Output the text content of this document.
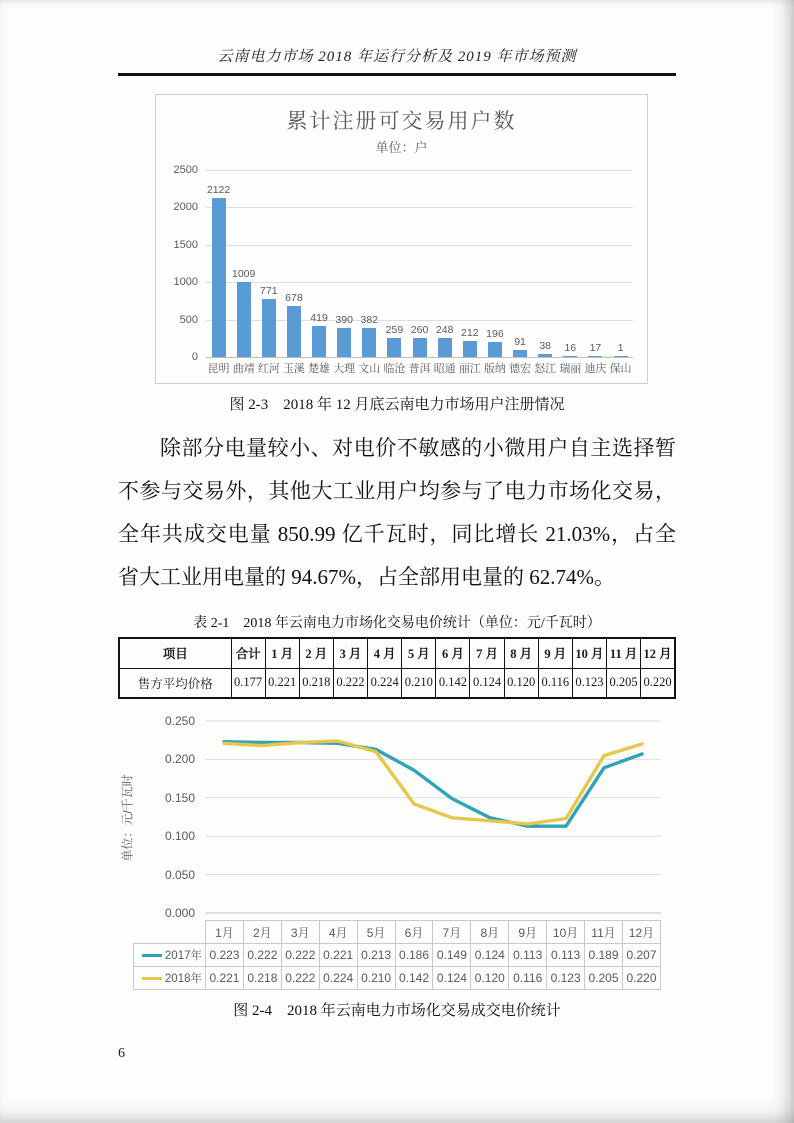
云南电力市场 2018 年运行分析及 2019 年市场预测
累计注册可交易用户数
单位：户
2500
2000
1500
1000
500
0
2122
1009
771
678
419 390 382
259 260 248 212 196
91 38 16 17 1
昆明 曲靖 红河 玉溪 楚雄 大理 文山 临沧 普洱 昭通 丽江 版纳 德宏 怒江 瑞丽 迪庆 保山
图 2-3　2018 年 12 月底云南电力市场用户注册情况
除部分电量较小、对电价不敏感的小微用户自主选择暂
不参与交易外，其他大工业用户均参与了电力市场化交易，
全年共成交电量 850.99 亿千瓦时，同比增长 21.03%，占全
省大工业用电量的 94.67%，占全部用电量的 62.74%。
表 2-1　2018 年云南电力市场化交易电价统计（单位：元/千瓦时）
项目	合计	1 月	2 月	3 月	4 月	5 月	6 月	7 月	8 月	9 月	10 月	11 月	12 月
售方平均价格	0.177	0.221	0.218	0.222	0.224	0.210	0.142	0.124	0.120	0.116	0.123	0.205	0.220
单位：元/千瓦时
0.250
0.200
0.150
0.100
0.050
0.000
	1月	2月	3月	4月	5月	6月	7月	8月	9月	10月	11月	12月

2017年	0.223	0.222	0.222	0.221	0.213	0.186	0.149	0.124	0.113	0.113	0.189	0.207

2018年	0.221	0.218	0.222	0.224	0.210	0.142	0.124	0.120	0.116	0.123	0.205	0.220
图 2-4　2018 年云南电力市场化交易成交电价统计
6
